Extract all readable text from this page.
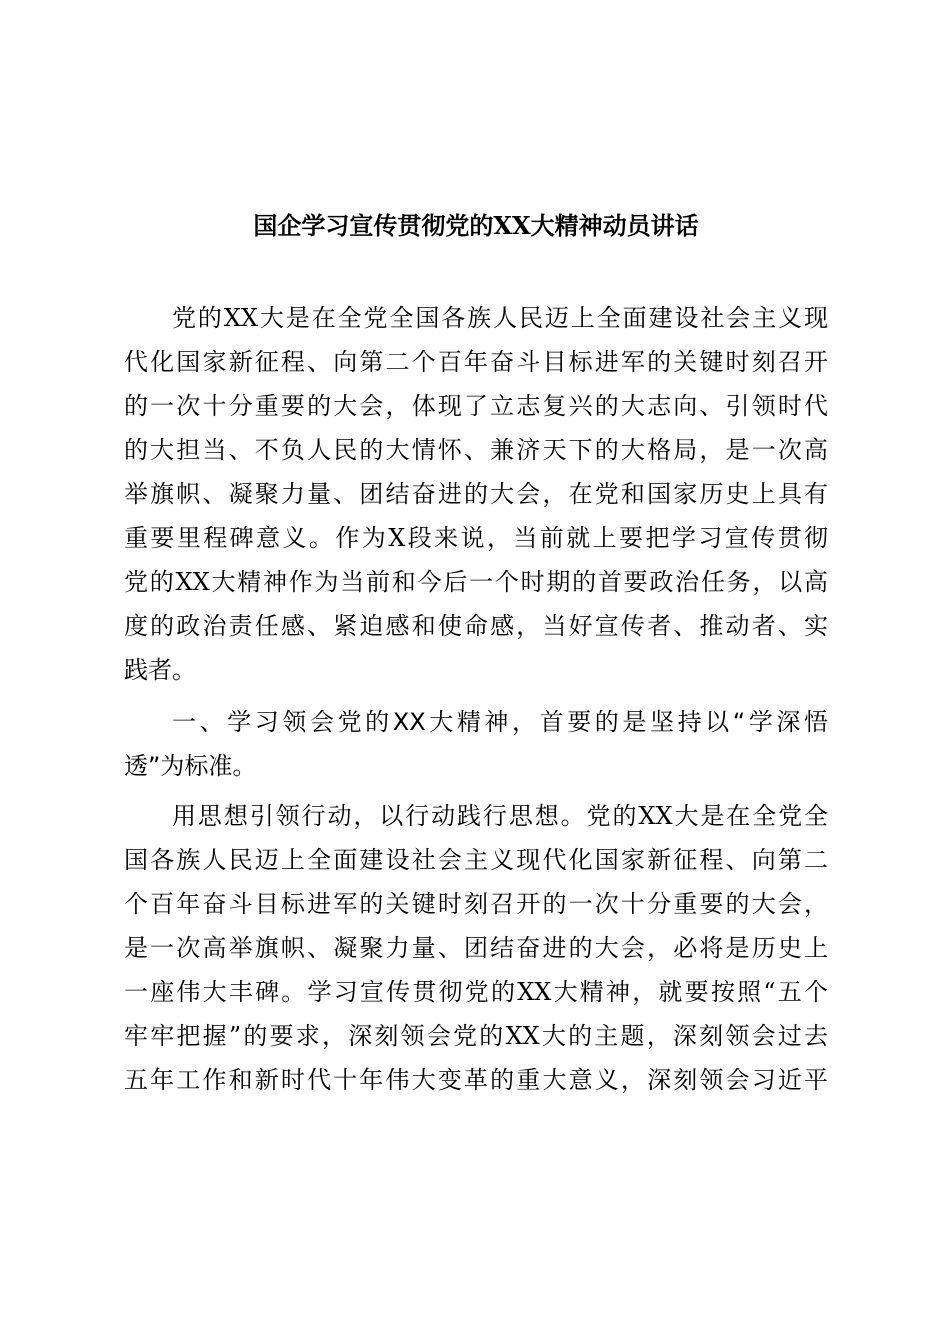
国企学习宣传贯彻党的XX大精神动员讲话
党的XX大是在全党全国各族人民迈上全面建设社会主义现
代化国家新征程、向第二个百年奋斗目标进军的关键时刻召开
的一次十分重要的大会，体现了立志复兴的大志向、引领时代
的大担当、不负人民的大情怀、兼济天下的大格局，是一次高
举旗帜、凝聚力量、团结奋进的大会，在党和国家历史上具有
重要里程碑意义。作为X段来说，当前就上要把学习宣传贯彻
党的XX大精神作为当前和今后一个时期的首要政治任务，以高
度的政治责任感、紧迫感和使命感，当好宣传者、推动者、实
践者。
一、学习领会党的XX大精神，首要的是坚持以“学深悟
透”为标准。
用思想引领行动，以行动践行思想。党的XX大是在全党全
国各族人民迈上全面建设社会主义现代化国家新征程、向第二
个百年奋斗目标进军的关键时刻召开的一次十分重要的大会，
是一次高举旗帜、凝聚力量、团结奋进的大会，必将是历史上
一座伟大丰碑。学习宣传贯彻党的XX大精神，就要按照“五个
牢牢把握”的要求，深刻领会党的XX大的主题，深刻领会过去
五年工作和新时代十年伟大变革的重大意义，深刻领会习近平
